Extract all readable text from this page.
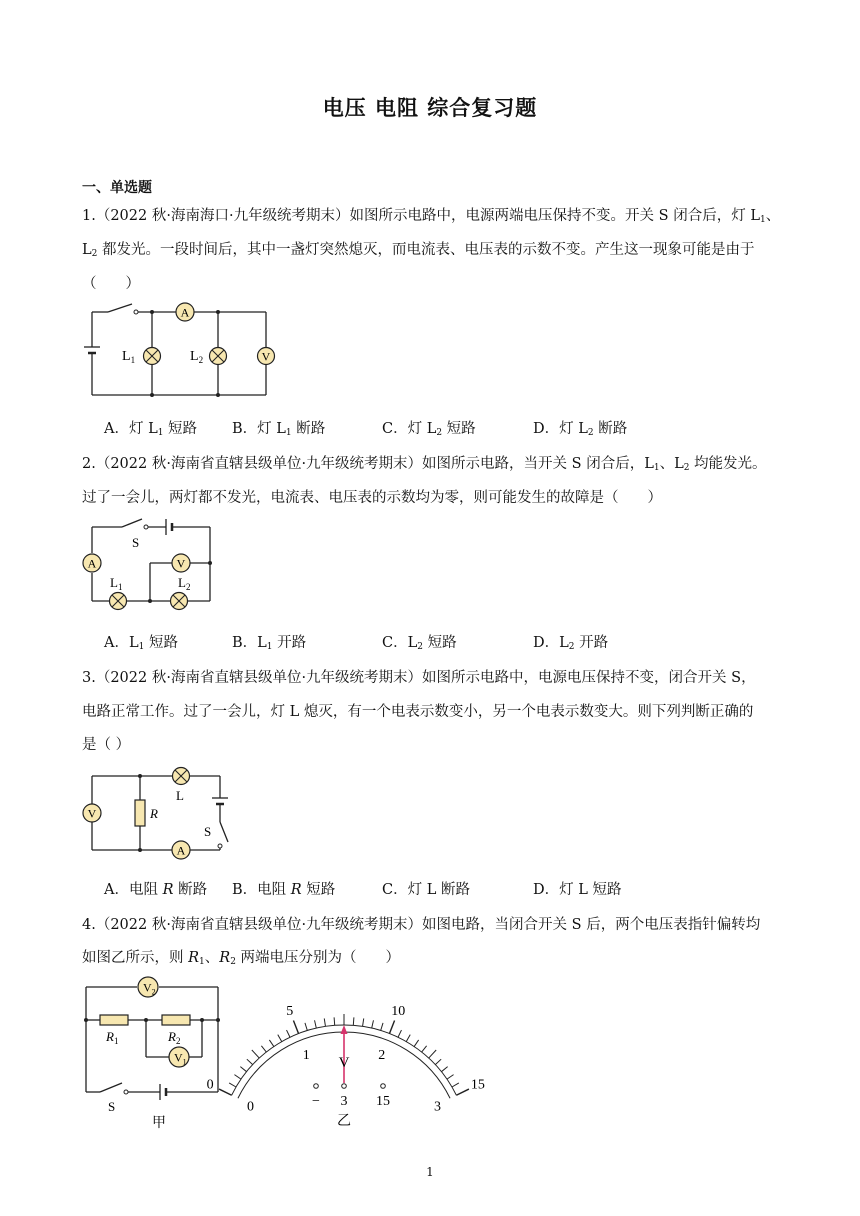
电压 电阻 综合复习题
一、单选题
1.（2022 秋·海南海口·九年级统考期末）如图所示电路中，电源两端电压保持不变。开关 S 闭合后，灯 $L_1$、
$L_2$ 都发光。一段时间后，其中一盏灯突然熄灭，而电流表、电压表的示数不变。产生这一现象可能是由于
（　　）
A
V
$L_1$	$L_2$
A．灯 $L_1$ 短路 B．灯 $L_1$ 断路	C．灯 $L_2$ 短路	D．灯 $L_2$ 断路
2.（2022 秋·海南省直辖县级单位·九年级统考期末）如图所示电路，当开关 S 闭合后，$L_1$、$L_2$ 均能发光。
过了一会儿，两灯都不发光，电流表、电压表的示数均为零，则可能发生的故障是（　　）
A	V
S
$L_1$	$L_2$
A．$L_1$ 短路	B．$L_1$ 开路	C．$L_2$ 短路	D．$L_2$ 开路
3.（2022 秋·海南省直辖县级单位·九年级统考期末）如图所示电路中，电源电压保持不变，闭合开关 S，
电路正常工作。过了一会儿，灯 L 熄灭，有一个电表示数变小，另一个电表示数变大。则下列判断正确的
是（ ）
V	R
L
S
A
A．电阻 R 断路 B．电阻 R 短路	C．灯 L 断路	D．灯 L 短路
4.（2022 秋·海南省直辖县级单位·九年级统考期末）如图电路，当闭合开关 S 后，两个电压表指针偏转均
如图乙所示，则 $R_1$、$R_2$ 两端电压分别为（　　）
$V_2$
$R_1$	$R_2$
$V_1$
S
甲
0
5	10
15
0
1	2
3
V
− 3 15
乙
1
